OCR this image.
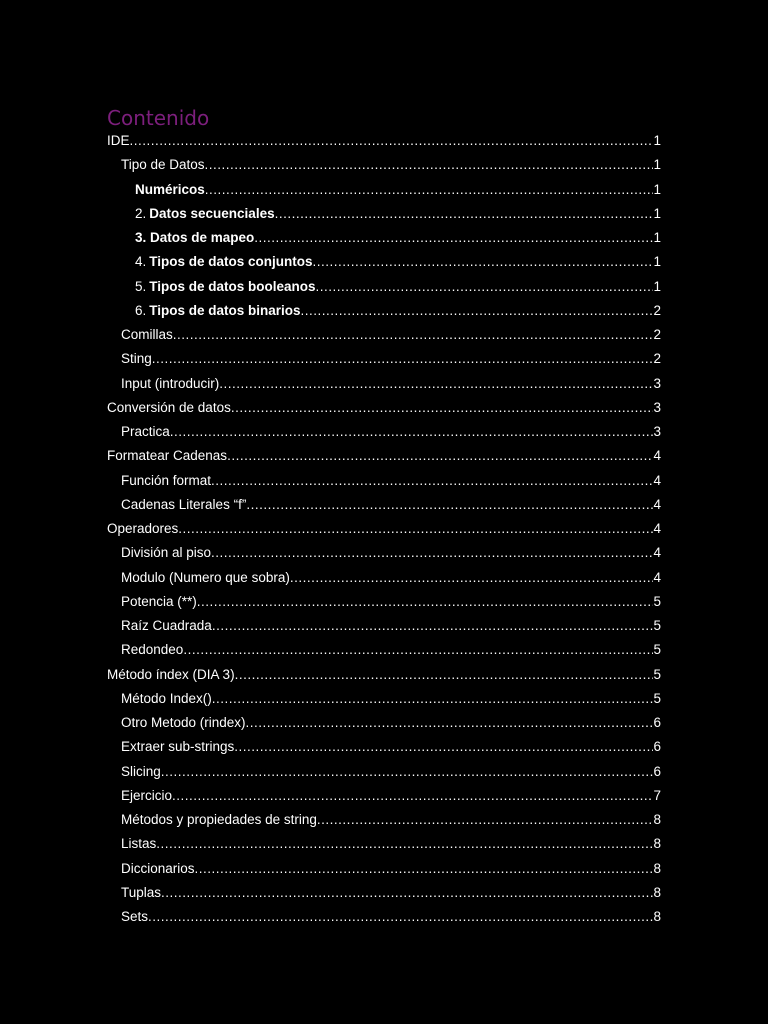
Contenido
IDE .....	1
Tipo de Datos .....	1
Numéricos .....	1
2. Datos secuenciales .....	1
3. Datos de mapeo .....	1
4. Tipos de datos conjuntos .....	1
5. Tipos de datos booleanos .....	1
6. Tipos de datos binarios .....	2
Comillas .....	2
Sting .....	2
Input (introducir) .....	3
Conversión de datos .....	3
Practica .....	3
Formatear Cadenas .....	4
Función format .....	4
Cadenas Literales “f” .....	4
Operadores .....	4
División al piso .....	4
Modulo (Numero que sobra) .....	4
Potencia (**) .....	5
Raíz Cuadrada .....	5
Redondeo .....	5
Método índex (DIA 3) .....	5
Método Index() .....	5
Otro Metodo (rindex) .....	6
Extraer sub-strings .....	6
Slicing .....	6
Ejercicio .....	7
Métodos y propiedades de string .....	8
Listas .....	8
Diccionarios .....	8
Tuplas .....	8
Sets .....	8
